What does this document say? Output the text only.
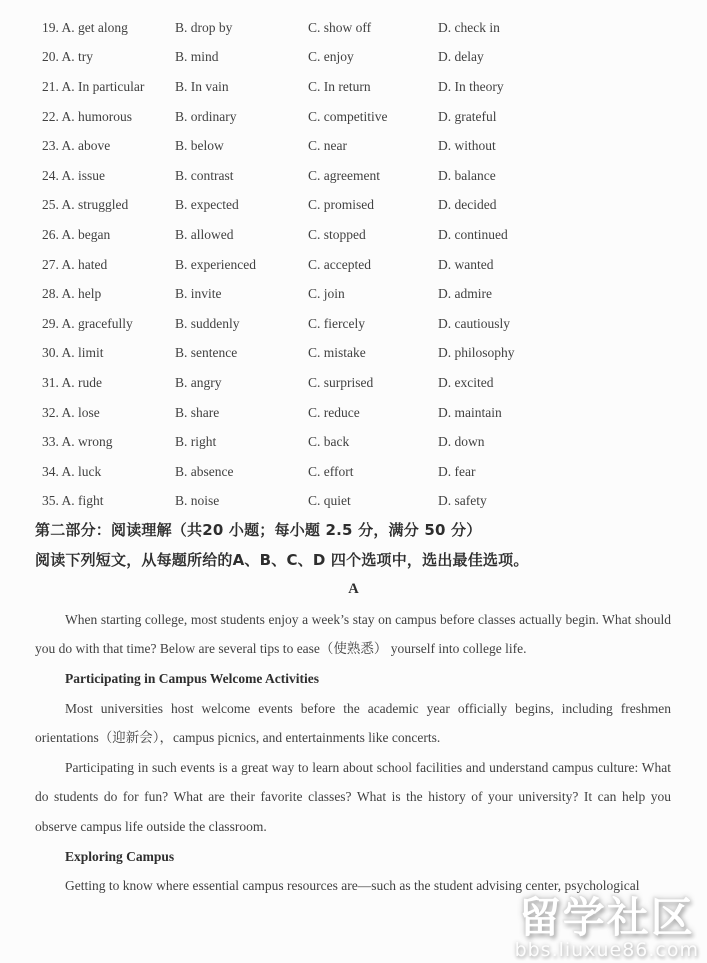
19. A. get along	B. drop by	C. show off	D. check in
20. A. try	B. mind	C. enjoy	D. delay
21. A. In particular	B. In vain	C. In return	D. In theory
22. A. humorous	B. ordinary	C. competitive	D. grateful
23. A. above	B. below	C. near	D. without
24. A. issue	B. contrast	C. agreement	D. balance
25. A. struggled	B. expected	C. promised	D. decided
26. A. began	B. allowed	C. stopped	D. continued
27. A. hated	B. experienced	C. accepted	D. wanted
28. A. help	B. invite	C. join	D. admire
29. A. gracefully	B. suddenly	C. fiercely	D. cautiously
30. A. limit	B. sentence	C. mistake	D. philosophy
31. A. rude	B. angry	C. surprised	D. excited
32. A. lose	B. share	C. reduce	D. maintain
33. A. wrong	B. right	C. back	D. down
34. A. luck	B. absence	C. effort	D. fear
35. A. fight	B. noise	C. quiet	D. safety
第二部分：阅读理解（共20 小题；每小题 2.5 分，满分 50 分）
阅读下列短文，从每题所给的A、B、C、D 四个选项中，选出最佳选项。
A

When starting college, most students enjoy a week’s stay on campus before classes actually begin. What should you do with that time? Below are several tips to ease（使熟悉） yourself into college life.

Participating in Campus Welcome Activities

Most universities host welcome events before the academic year officially begins, including freshmen orientations（迎新会），campus picnics, and entertainments like concerts.

Participating in such events is a great way to learn about school facilities and understand campus culture: What do students do for fun? What are their favorite classes? What is the history of your university? It can help you observe campus life outside the classroom.

Exploring Campus

Getting to know where essential campus resources are—such as the student advising center, psychological

留学社区
bbs.liuxue86.com
